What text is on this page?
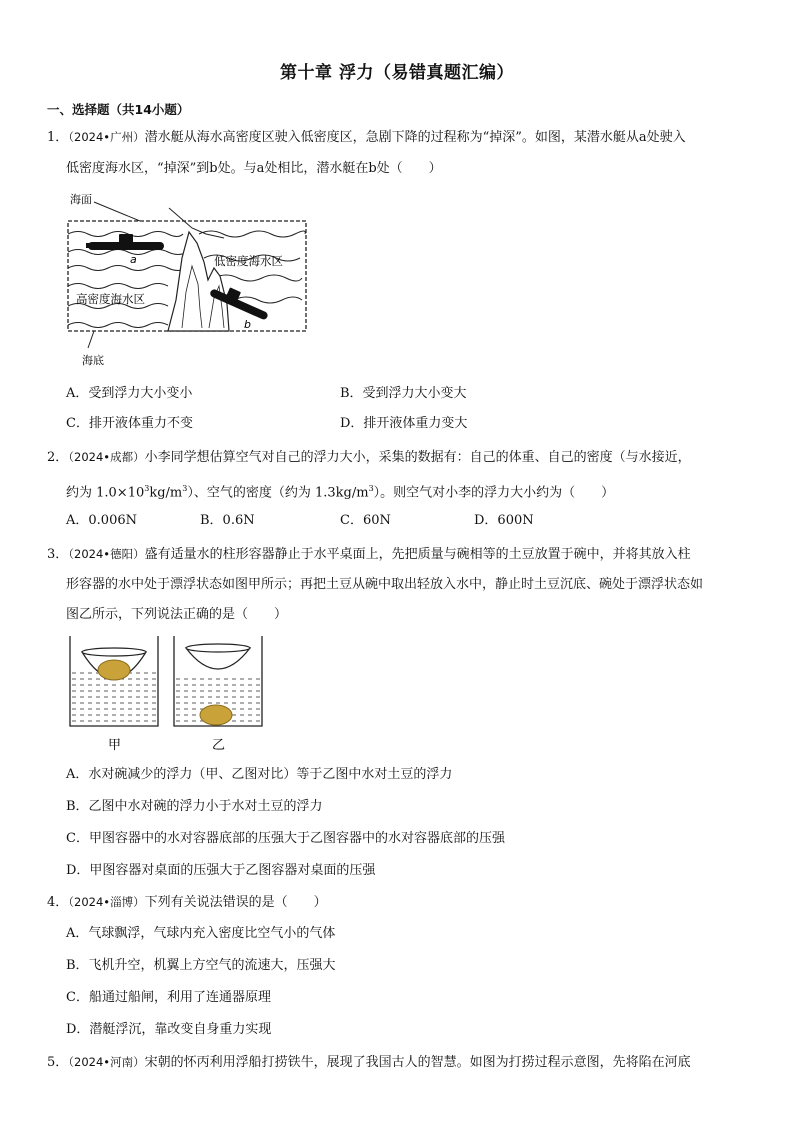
第十章 浮力（易错真题汇编）
一、选择题（共14小题）
1．（2024•广州）潜水艇从海水高密度区驶入低密度区，急剧下降的过程称为“掉深”。如图，某潜水艇从a处驶入
低密度海水区，“掉深”到b处。与a处相比，潜水艇在b处（　　）
a
b
海面
低密度海水区
高密度海水区
海底
A．受到浮力大小变小	B．受到浮力大小变大
C．排开液体重力不变	D．排开液体重力变大
2．（2024•成都）小李同学想估算空气对自己的浮力大小，采集的数据有：自己的体重、自己的密度（与水接近，
约为 $1.0\times 10^3kg/m^3$）、空气的密度（约为 $1.3kg/m^3$）。则空气对小李的浮力大小约为（　　）
A．0.006N	B．0.6N	C．60N	D．600N
3．（2024•德阳）盛有适量水的柱形容器静止于水平桌面上，先把质量与碗相等的土豆放置于碗中，并将其放入柱
形容器的水中处于漂浮状态如图甲所示；再把土豆从碗中取出轻放入水中，静止时土豆沉底、碗处于漂浮状态如
图乙所示，下列说法正确的是（　　）
甲	乙
A．水对碗减少的浮力（甲、乙图对比）等于乙图中水对土豆的浮力
B．乙图中水对碗的浮力小于水对土豆的浮力
C．甲图容器中的水对容器底部的压强大于乙图容器中的水对容器底部的压强
D．甲图容器对桌面的压强大于乙图容器对桌面的压强
4．（2024•淄博）下列有关说法错误的是（　　）
A．气球飘浮，气球内充入密度比空气小的气体
B．飞机升空，机翼上方空气的流速大，压强大
C．船通过船闸，利用了连通器原理
D．潜艇浮沉，靠改变自身重力实现
5．（2024•河南）宋朝的怀丙利用浮船打捞铁牛，展现了我国古人的智慧。如图为打捞过程示意图，先将陷在河底
